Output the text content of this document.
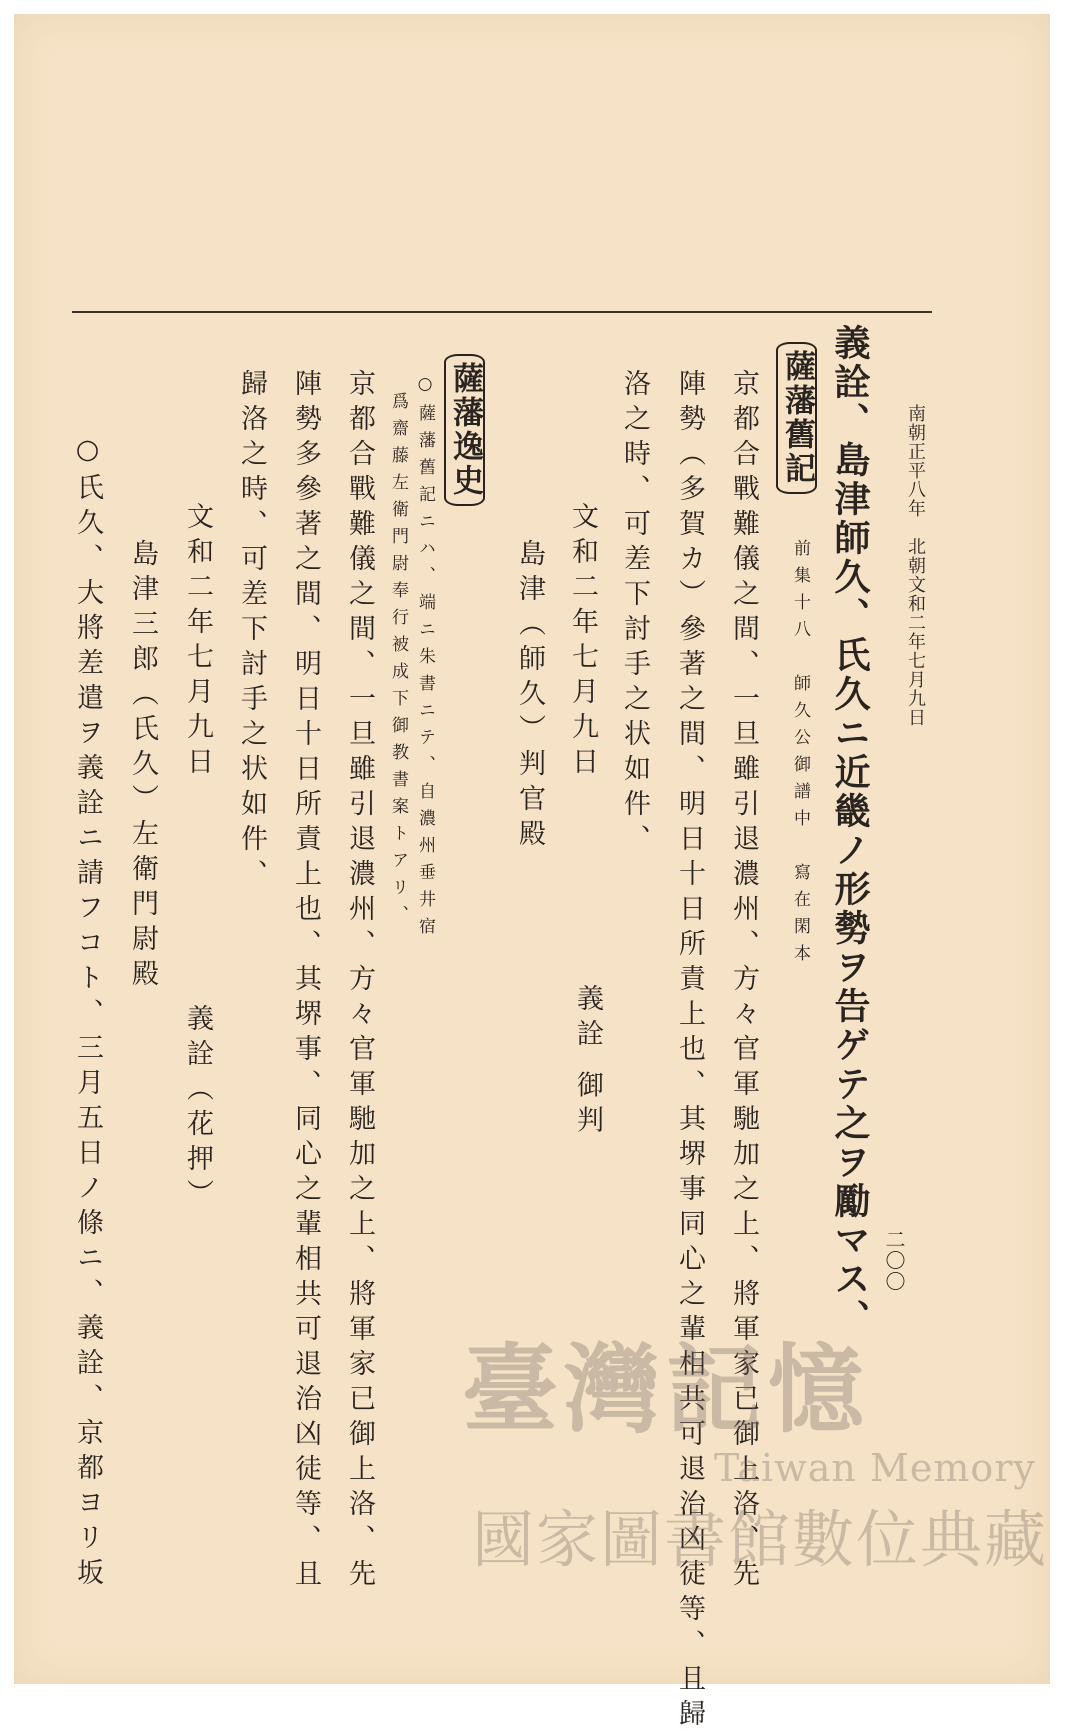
南朝正平八年　北朝文和二年七月九日
義詮、島津師久、氏久ニ近畿ノ形勢ヲ告ゲテ之ヲ勵マス、
薩藩舊記
前集十八　師久公御譜中　寫在閑本
京都合戰難儀之間、一旦雖引退濃州、方々官軍馳加之上、將軍家已御上洛、先
陣勢（多賀カ）參著之間、明日十日所責上也、其堺事同心之輩相共可退治凶徒等、且歸
洛之時、可差下討手之状如件、
文和二年七月九日
義詮 御判
島津（師久）判官殿
薩藩逸史
○薩藩舊記ニハ、端ニ朱書ニテ、自濃州垂井宿
爲齋藤左衛門尉奉行被成下御教書案トアリ、
京都合戰難儀之間、一旦雖引退濃州、方々官軍馳加之上、將軍家已御上洛、先
陣勢多參著之間、明日十日所責上也、其堺事、同心之輩相共可退治凶徒等、且
歸洛之時、可差下討手之状如件、
文和二年七月九日
義詮（花押）
島津三郎（氏久）左衛門尉殿
○氏久、大將差遣ヲ義詮ニ請フコト、三月五日ノ條ニ、義詮、京都ヨリ坂	二〇〇
臺灣記憶
Taiwan Memory
國家圖書館數位典藏
